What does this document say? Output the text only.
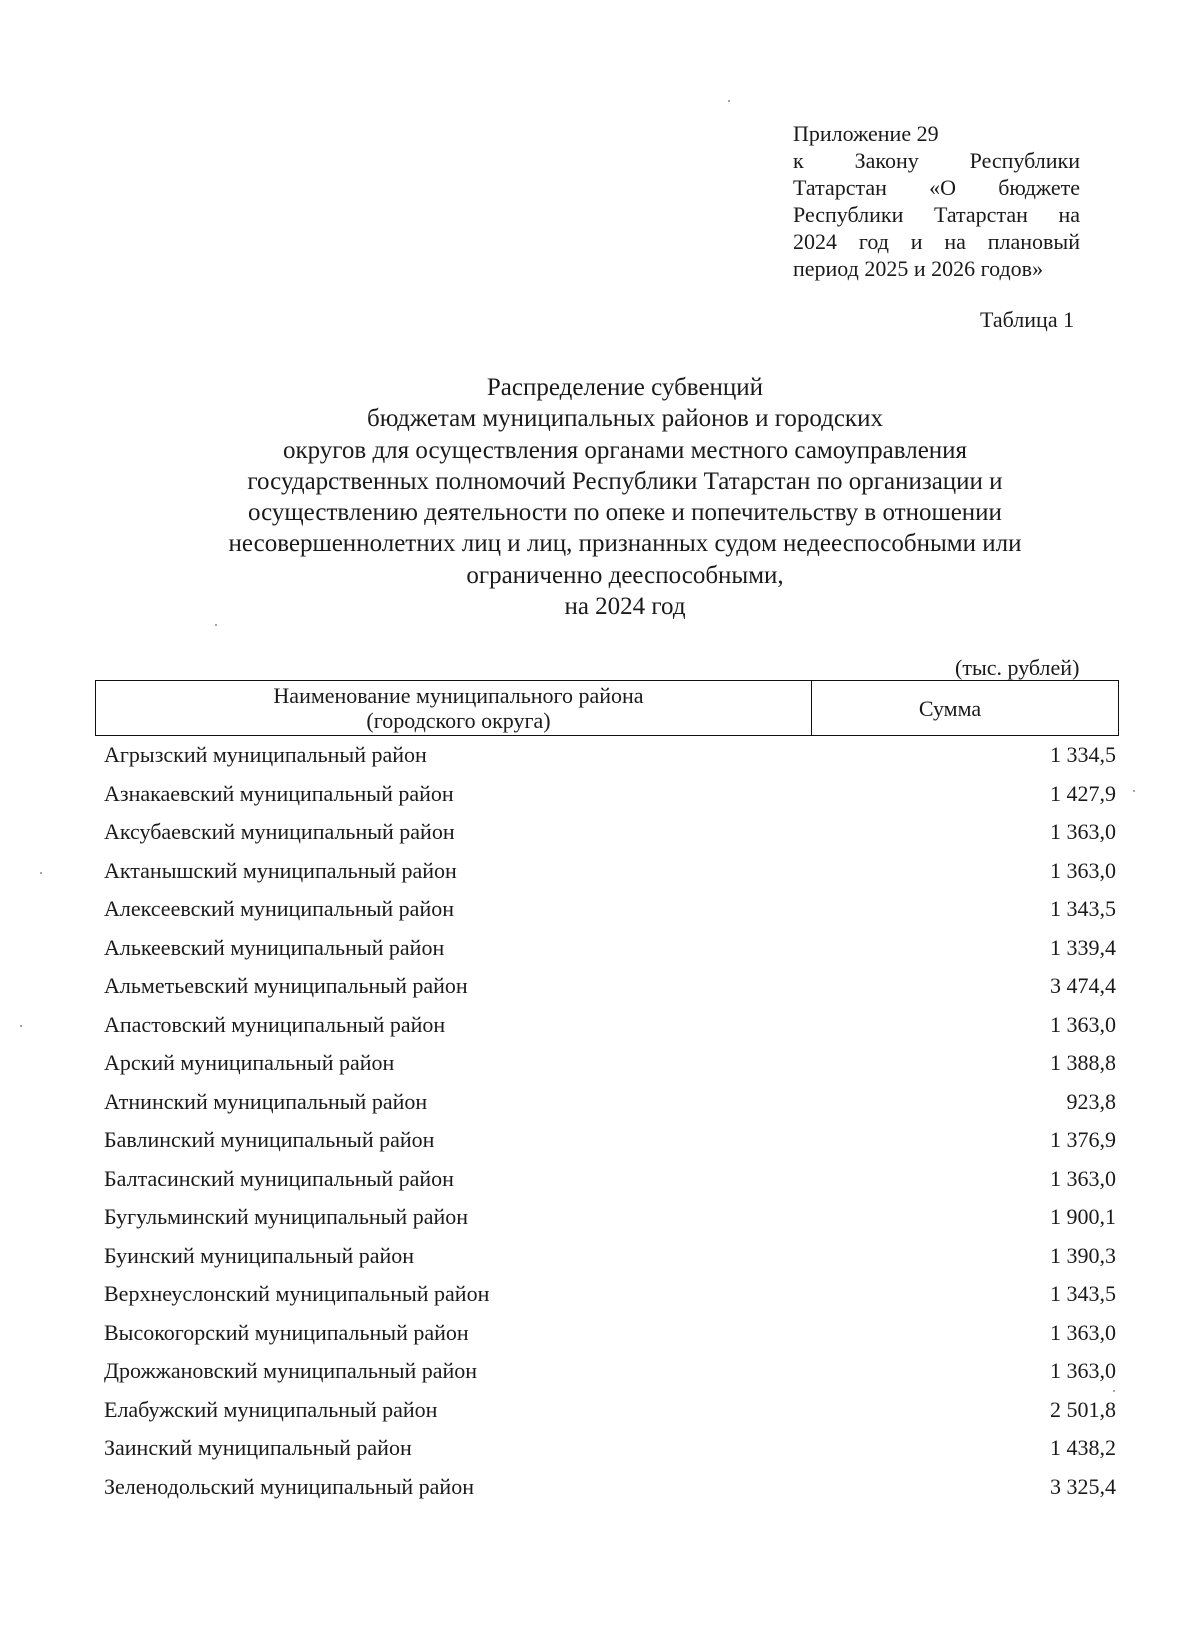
Приложение 29
к Закону Республики
Татарстан «О бюджете
Республики Татарстан на
2024 год и на плановый
период 2025 и 2026 годов»
Таблица 1
Распределение субвенций
бюджетам муниципальных районов и городских
округов для осуществления органами местного самоуправления
государственных полномочий Республики Татарстан по организации и
осуществлению деятельности по опеке и попечительству в отношении
несовершеннолетних лиц и лиц, признанных судом недееспособными или
ограниченно дееспособными,
на 2024 год
(тыс. рублей)
Наименование муниципального района
(городского округа)	Сумма
Агрызский муниципальный район	1 334,5
Азнакаевский муниципальный район	1 427,9
Аксубаевский муниципальный район	1 363,0
Актанышский муниципальный район	1 363,0
Алексеевский муниципальный район	1 343,5
Алькеевский муниципальный район	1 339,4
Альметьевский муниципальный район	3 474,4
Апастовский муниципальный район	1 363,0
Арский муниципальный район	1 388,8
Атнинский муниципальный район	923,8
Бавлинский муниципальный район	1 376,9
Балтасинский муниципальный район	1 363,0
Бугульминский муниципальный район	1 900,1
Буинский муниципальный район	1 390,3
Верхнеуслонский муниципальный район	1 343,5
Высокогорский муниципальный район	1 363,0
Дрожжановский муниципальный район	1 363,0
Елабужский муниципальный район	2 501,8
Заинский муниципальный район	1 438,2
Зеленодольский муниципальный район	3 325,4
